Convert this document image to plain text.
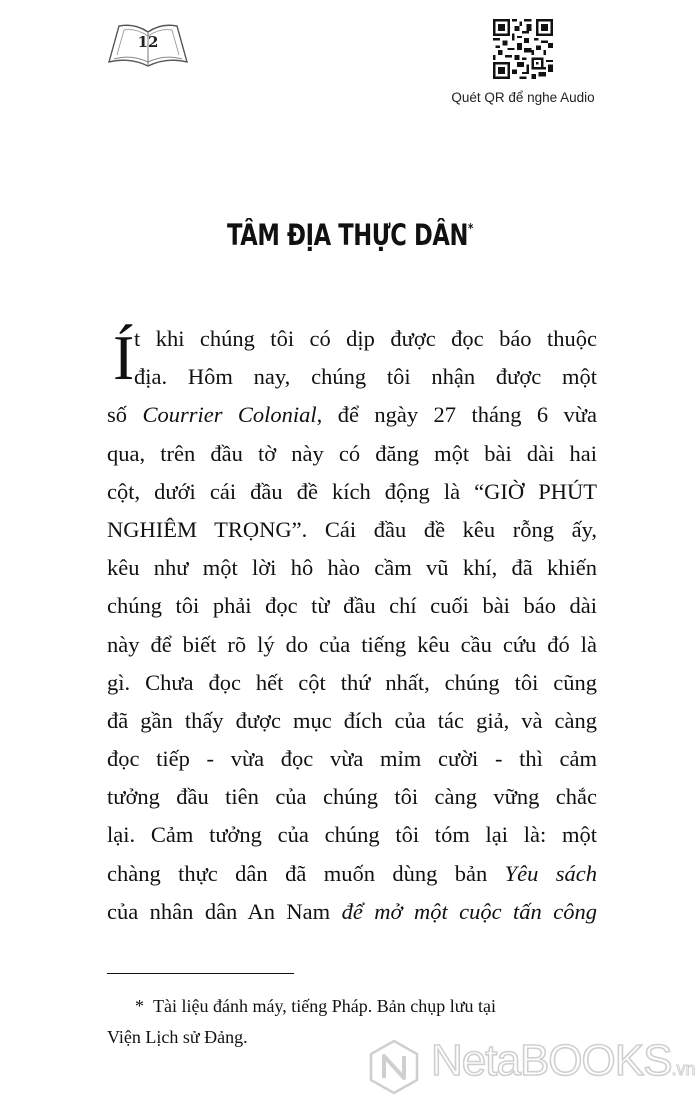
12
Quét QR để nghe Audio
TÂM ĐỊA THỰC DÂN*
Í t khi chúng tôi có dịp được đọc báo thuộc
địa. Hôm nay, chúng tôi nhận được một
số Courrier Colonial, để ngày 27 tháng 6 vừa
qua, trên đầu tờ này có đăng một bài dài hai
cột, dưới cái đầu đề kích động là “GIỜ PHÚT
NGHIÊM TRỌNG”. Cái đầu đề kêu rỗng ấy,
kêu như một lời hô hào cầm vũ khí, đã khiến
chúng tôi phải đọc từ đầu chí cuối bài báo dài
này để biết rõ lý do của tiếng kêu cầu cứu đó là
gì. Chưa đọc hết cột thứ nhất, chúng tôi cũng
đã gần thấy được mục đích của tác giả, và càng
đọc tiếp - vừa đọc vừa mỉm cười - thì cảm
tưởng đầu tiên của chúng tôi càng vững chắc
lại. Cảm tưởng của chúng tôi tóm lại là: một
chàng thực dân đã muốn dùng bản Yêu sách
của nhân dân An Nam để mở một cuộc tấn công
* Tài liệu đánh máy, tiếng Pháp. Bản chụp lưu tại
Viện Lịch sử Đảng.	NetaBOOKS.vn
